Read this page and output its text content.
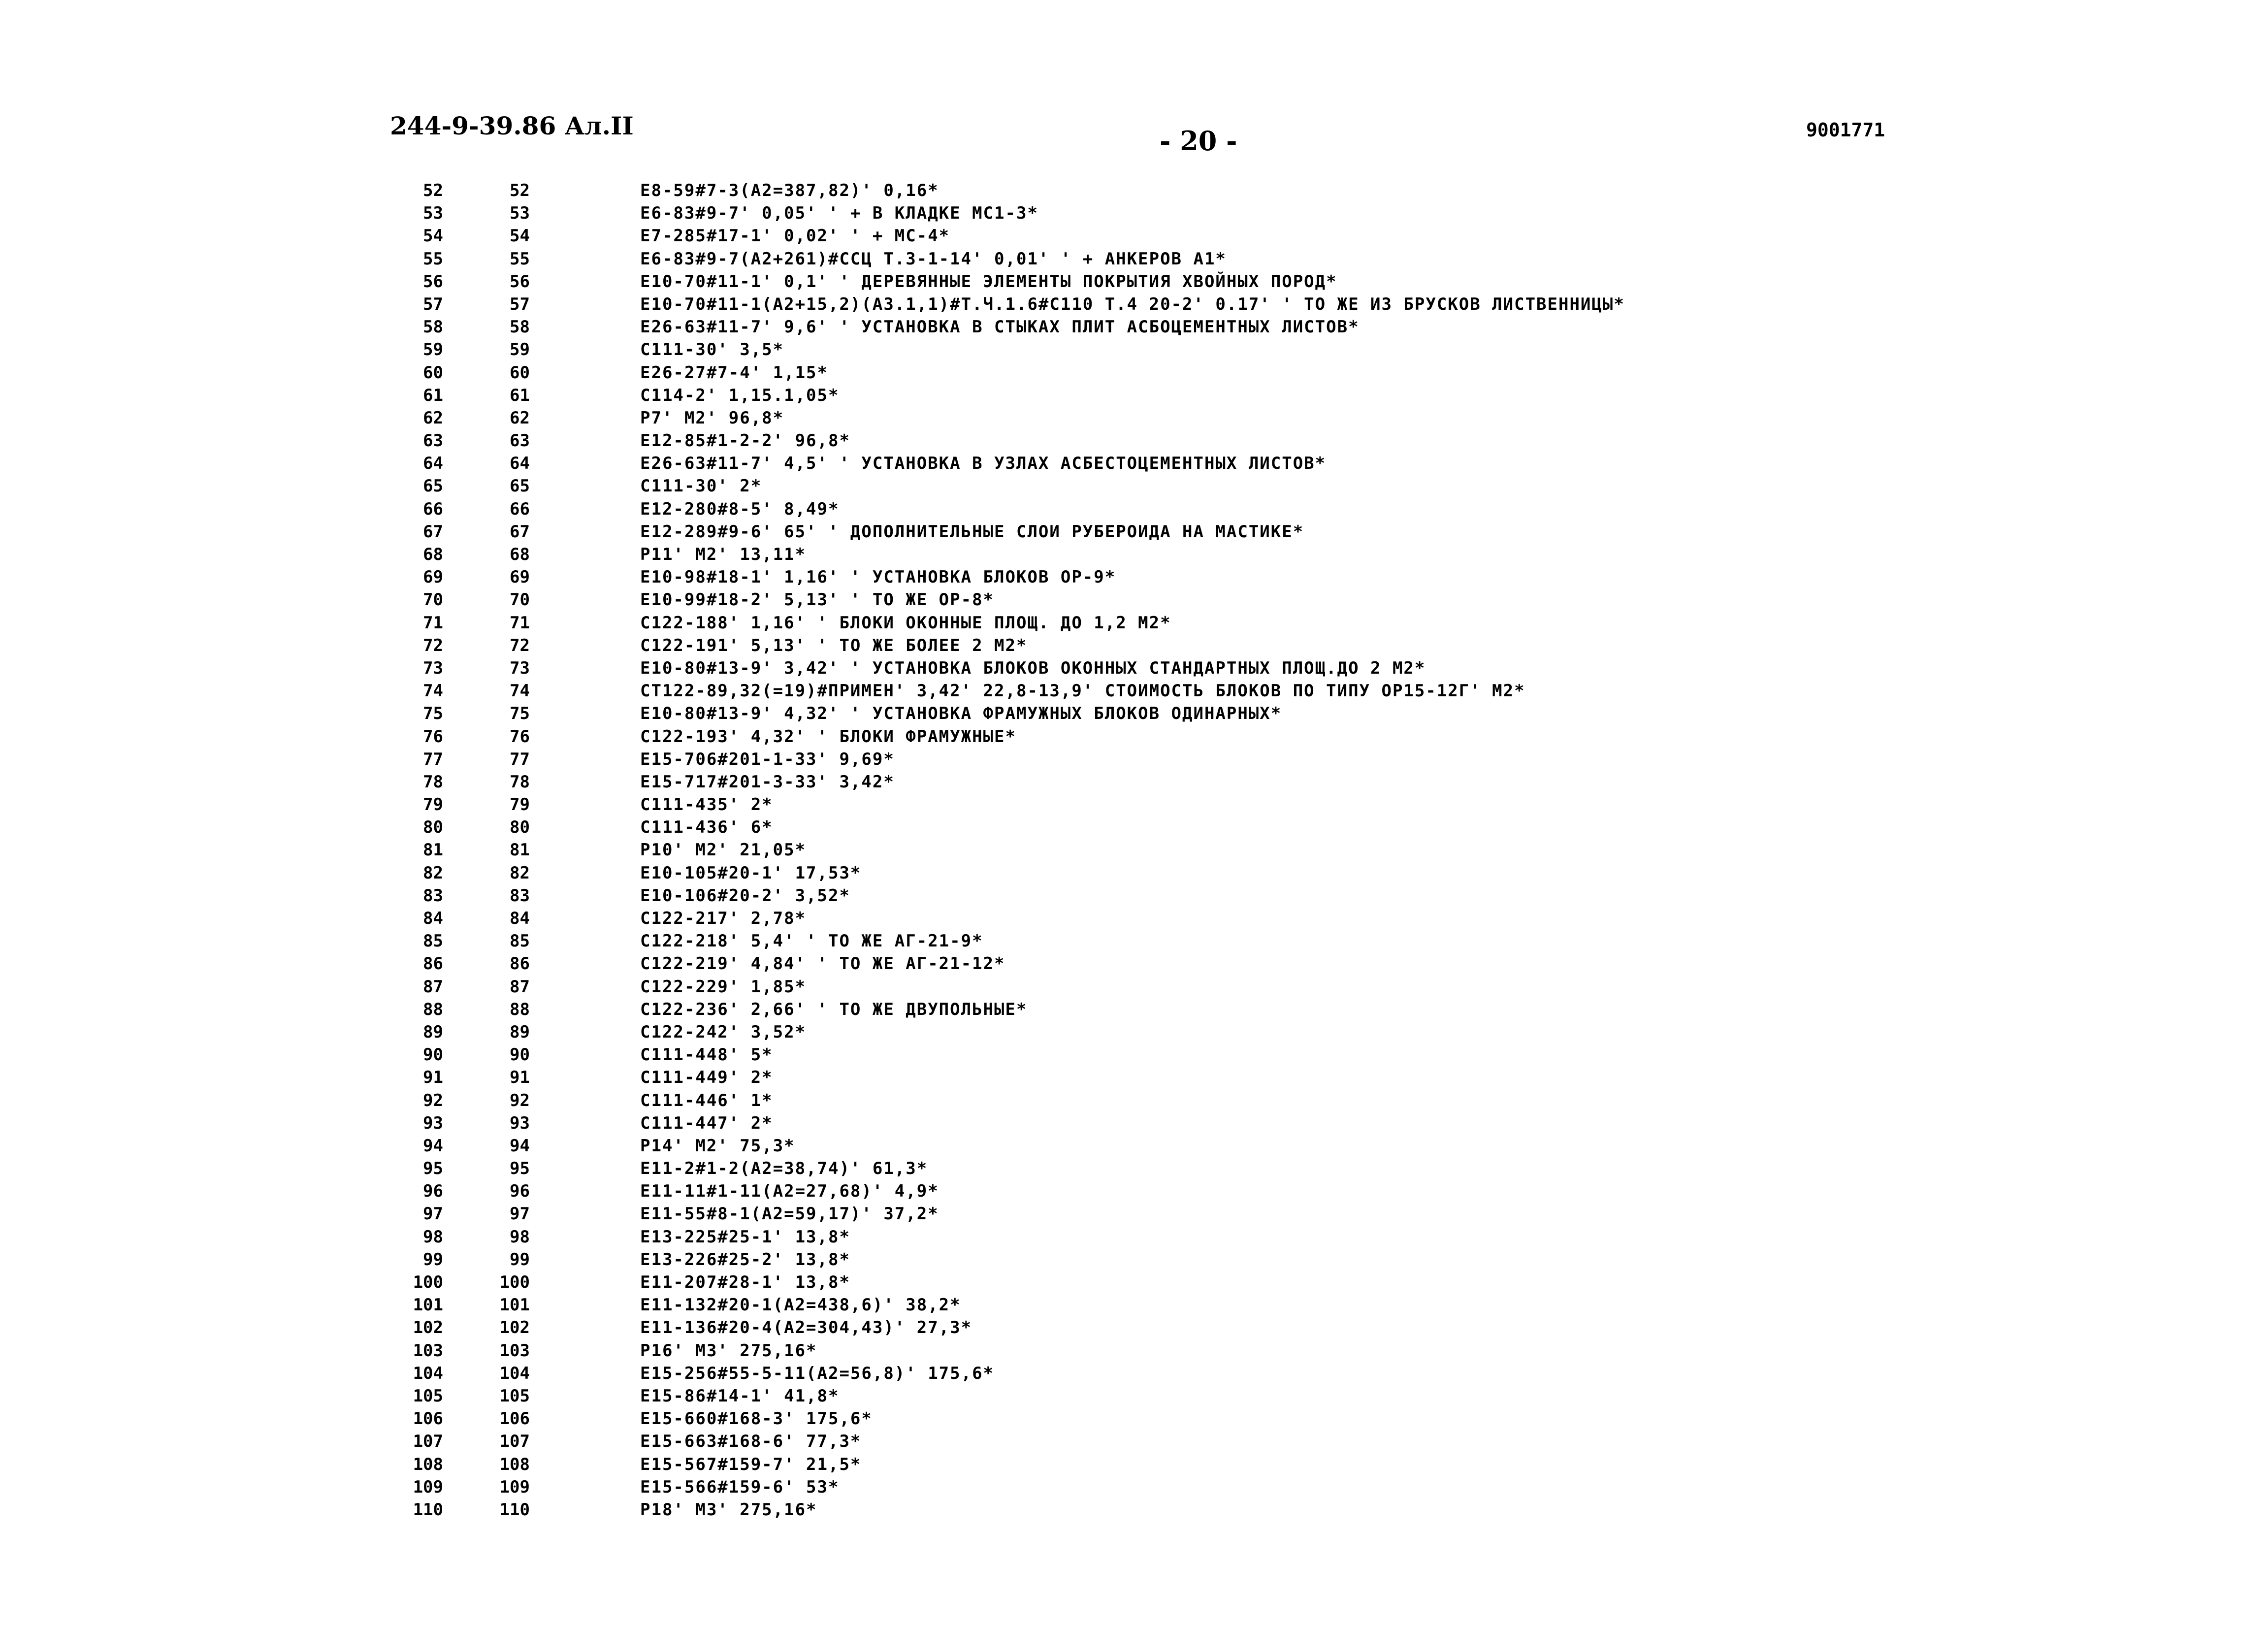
244-9-39.86 Ал.II	- 20 -	9001771
52	52	Е8-59#7-3(А2=387,82)' 0,16*
53	53	Е6-83#9-7' 0,05' ' + В КЛАДКЕ МС1-3*
54	54	Е7-285#17-1' 0,02' ' + МС-4*
55	55	Е6-83#9-7(А2+261)#ССЦ Т.3-1-14' 0,01' ' + АНКЕРОВ А1*
56	56	Е10-70#11-1' 0,1' ' ДЕРЕВЯННЫЕ ЭЛЕМЕНТЫ ПОКРЫТИЯ ХВОЙНЫХ ПОРОД*
57	57	Е10-70#11-1(А2+15,2)(А3.1,1)#Т.Ч.1.6#С110 Т.4 20-2' 0.17' ' ТО ЖЕ ИЗ БРУСКОВ ЛИСТВЕННИЦЫ*
58	58	Е26-63#11-7' 9,6' ' УСТАНОВКА В СТЫКАХ ПЛИТ АСБОЦЕМЕНТНЫХ ЛИСТОВ*
59	59	С111-30' 3,5*
60	60	Е26-27#7-4' 1,15*
61	61	С114-2' 1,15.1,05*
62	62	Р7' М2' 96,8*
63	63	Е12-85#1-2-2' 96,8*
64	64	Е26-63#11-7' 4,5' ' УСТАНОВКА В УЗЛАХ АСБЕСТОЦЕМЕНТНЫХ ЛИСТОВ*
65	65	С111-30' 2*
66	66	Е12-280#8-5' 8,49*
67	67	Е12-289#9-6' 65' ' ДОПОЛНИТЕЛЬНЫЕ СЛОИ РУБЕРОИДА НА МАСТИКЕ*
68	68	Р11' М2' 13,11*
69	69	Е10-98#18-1' 1,16' ' УСТАНОВКА БЛОКОВ ОР-9*
70	70	Е10-99#18-2' 5,13' ' ТО ЖЕ ОР-8*
71	71	С122-188' 1,16' ' БЛОКИ ОКОННЫЕ ПЛОЩ. ДО 1,2 М2*
72	72	С122-191' 5,13' ' ТО ЖЕ БОЛЕЕ 2 М2*
73	73	Е10-80#13-9' 3,42' ' УСТАНОВКА БЛОКОВ ОКОННЫХ СТАНДАРТНЫХ ПЛОЩ.ДО 2 М2*
74	74	СТ122-89,32(=19)#ПРИМЕН' 3,42' 22,8-13,9' СТОИМОСТЬ БЛОКОВ ПО ТИПУ ОР15-12Г' М2*
75	75	Е10-80#13-9' 4,32' ' УСТАНОВКА ФРАМУЖНЫХ БЛОКОВ ОДИНАРНЫХ*
76	76	С122-193' 4,32' ' БЛОКИ ФРАМУЖНЫЕ*
77	77	Е15-706#201-1-33' 9,69*
78	78	Е15-717#201-3-33' 3,42*
79	79	С111-435' 2*
80	80	С111-436' 6*
81	81	Р10' М2' 21,05*
82	82	Е10-105#20-1' 17,53*
83	83	Е10-106#20-2' 3,52*
84	84	С122-217' 2,78*
85	85	С122-218' 5,4' ' ТО ЖЕ АГ-21-9*
86	86	С122-219' 4,84' ' ТО ЖЕ АГ-21-12*
87	87	С122-229' 1,85*
88	88	С122-236' 2,66' ' ТО ЖЕ ДВУПОЛЬНЫЕ*
89	89	С122-242' 3,52*
90	90	С111-448' 5*
91	91	С111-449' 2*
92	92	С111-446' 1*
93	93	С111-447' 2*
94	94	Р14' М2' 75,3*
95	95	Е11-2#1-2(А2=38,74)' 61,3*
96	96	Е11-11#1-11(А2=27,68)' 4,9*
97	97	Е11-55#8-1(А2=59,17)' 37,2*
98	98	Е13-225#25-1' 13,8*
99	99	Е13-226#25-2' 13,8*
100	100	Е11-207#28-1' 13,8*
101	101	Е11-132#20-1(А2=438,6)' 38,2*
102	102	Е11-136#20-4(А2=304,43)' 27,3*
103	103	Р16' М3' 275,16*
104	104	Е15-256#55-5-11(А2=56,8)' 175,6*
105	105	Е15-86#14-1' 41,8*
106	106	Е15-660#168-3' 175,6*
107	107	Е15-663#168-6' 77,3*
108	108	Е15-567#159-7' 21,5*
109	109	Е15-566#159-6' 53*
110	110	Р18' М3' 275,16*
